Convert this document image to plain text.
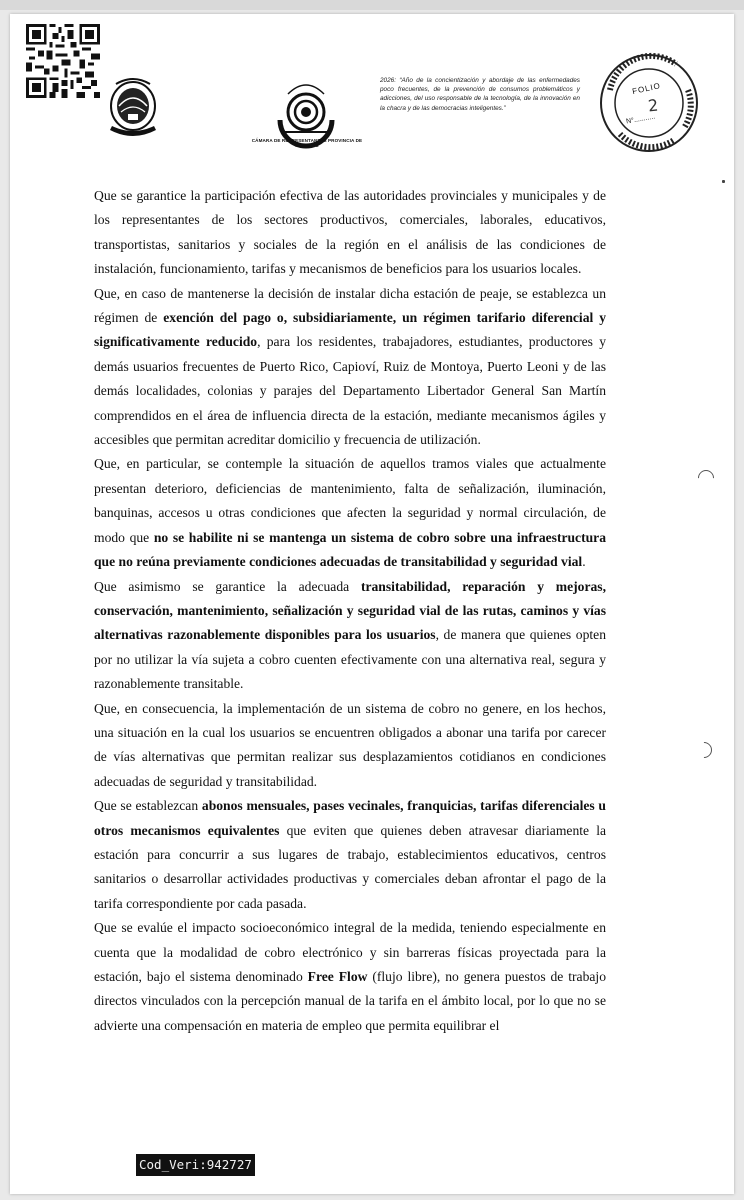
CÁMARA DE REPRESENTANTES PROVINCIA DE MISIONES
2026: “Año de la concientización y abordaje de las enfermedades poco frecuentes, de la prevención de consumos problemáticos y adicciones, del uso responsable de la tecnología, de la innovación en la chacra y de las democracias inteligentes.”
FOLIO
2
N°...........

Que se garantice la participación efectiva de las autoridades provinciales y municipales y de los representantes de los sectores productivos, comerciales, laborales, educativos, transportistas, sanitarios y sociales de la región en el análisis de las condiciones de instalación, funcionamiento, tarifas y mecanismos de beneficios para los usuarios locales.

Que, en caso de mantenerse la decisión de instalar dicha estación de peaje, se establezca un régimen de exención del pago o, subsidiariamente, un régimen tarifario diferencial y significativamente reducido, para los residentes, trabajadores, estudiantes, productores y demás usuarios frecuentes de Puerto Rico, Capioví, Ruiz de Montoya, Puerto Leoni y de las demás localidades, colonias y parajes del Departamento Libertador General San Martín comprendidos en el área de influencia directa de la estación, mediante mecanismos ágiles y accesibles que permitan acreditar domicilio y frecuencia de utilización.

Que, en particular, se contemple la situación de aquellos tramos viales que actualmente presentan deterioro, deficiencias de mantenimiento, falta de señalización, iluminación, banquinas, accesos u otras condiciones que afecten la seguridad y normal circulación, de modo que no se habilite ni se mantenga un sistema de cobro sobre una infraestructura que no reúna previamente condiciones adecuadas de transitabilidad y seguridad vial.

Que asimismo se garantice la adecuada transitabilidad, reparación y mejoras, conservación, mantenimiento, señalización y seguridad vial de las rutas, caminos y vías alternativas razonablemente disponibles para los usuarios, de manera que quienes opten por no utilizar la vía sujeta a cobro cuenten efectivamente con una alternativa real, segura y razonablemente transitable.

Que, en consecuencia, la implementación de un sistema de cobro no genere, en los hechos, una situación en la cual los usuarios se encuentren obligados a abonar una tarifa por carecer de vías alternativas que permitan realizar sus desplazamientos cotidianos en condiciones adecuadas de seguridad y transitabilidad.

Que se establezcan abonos mensuales, pases vecinales, franquicias, tarifas diferenciales u otros mecanismos equivalentes que eviten que quienes deben atravesar diariamente la estación para concurrir a sus lugares de trabajo, establecimientos educativos, centros sanitarios o desarrollar actividades productivas y comerciales deban afrontar el pago de la tarifa correspondiente por cada pasada.

Que se evalúe el impacto socioeconómico integral de la medida, teniendo especialmente en cuenta que la modalidad de cobro electrónico y sin barreras físicas proyectada para la estación, bajo el sistema denominado Free Flow (flujo libre), no genera puestos de trabajo directos vinculados con la percepción manual de la tarifa en el ámbito local, por lo que no se advierte una compensación en materia de empleo que permita equilibrar el

Cod_Veri:942727
